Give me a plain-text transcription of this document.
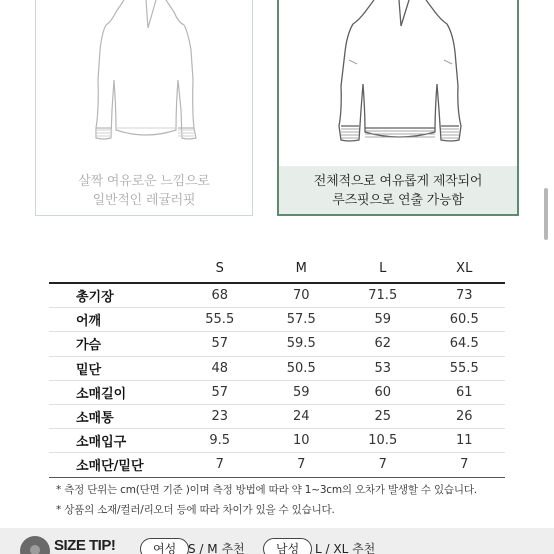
살짝 여유로운 느낌으로
일반적인 레귤러핏
전체적으로 여유롭게 제작되어
루즈핏으로 연출 가능함
	S	M	L	XL
총기장	68	70	71.5	73
어깨	55.5	57.5	59	60.5
가슴	57	59.5	62	64.5
밑단	48	50.5	53	55.5
소매길이	57	59	60	61
소매통	23	24	25	26
소매입구	9.5	10	10.5	11
소매단/밑단	7	7	7	7
* 측정 단위는 cm(단면 기준 )이며 측정 방법에 따라 약 1~3cm의 오차가 발생할 수 있습니다.
* 상품의 소재/컬러/리오더 등에 따라 차이가 있을 수 있습니다.
SIZE TIP!	여성 S / M 추천	남성	L / XL 추천
